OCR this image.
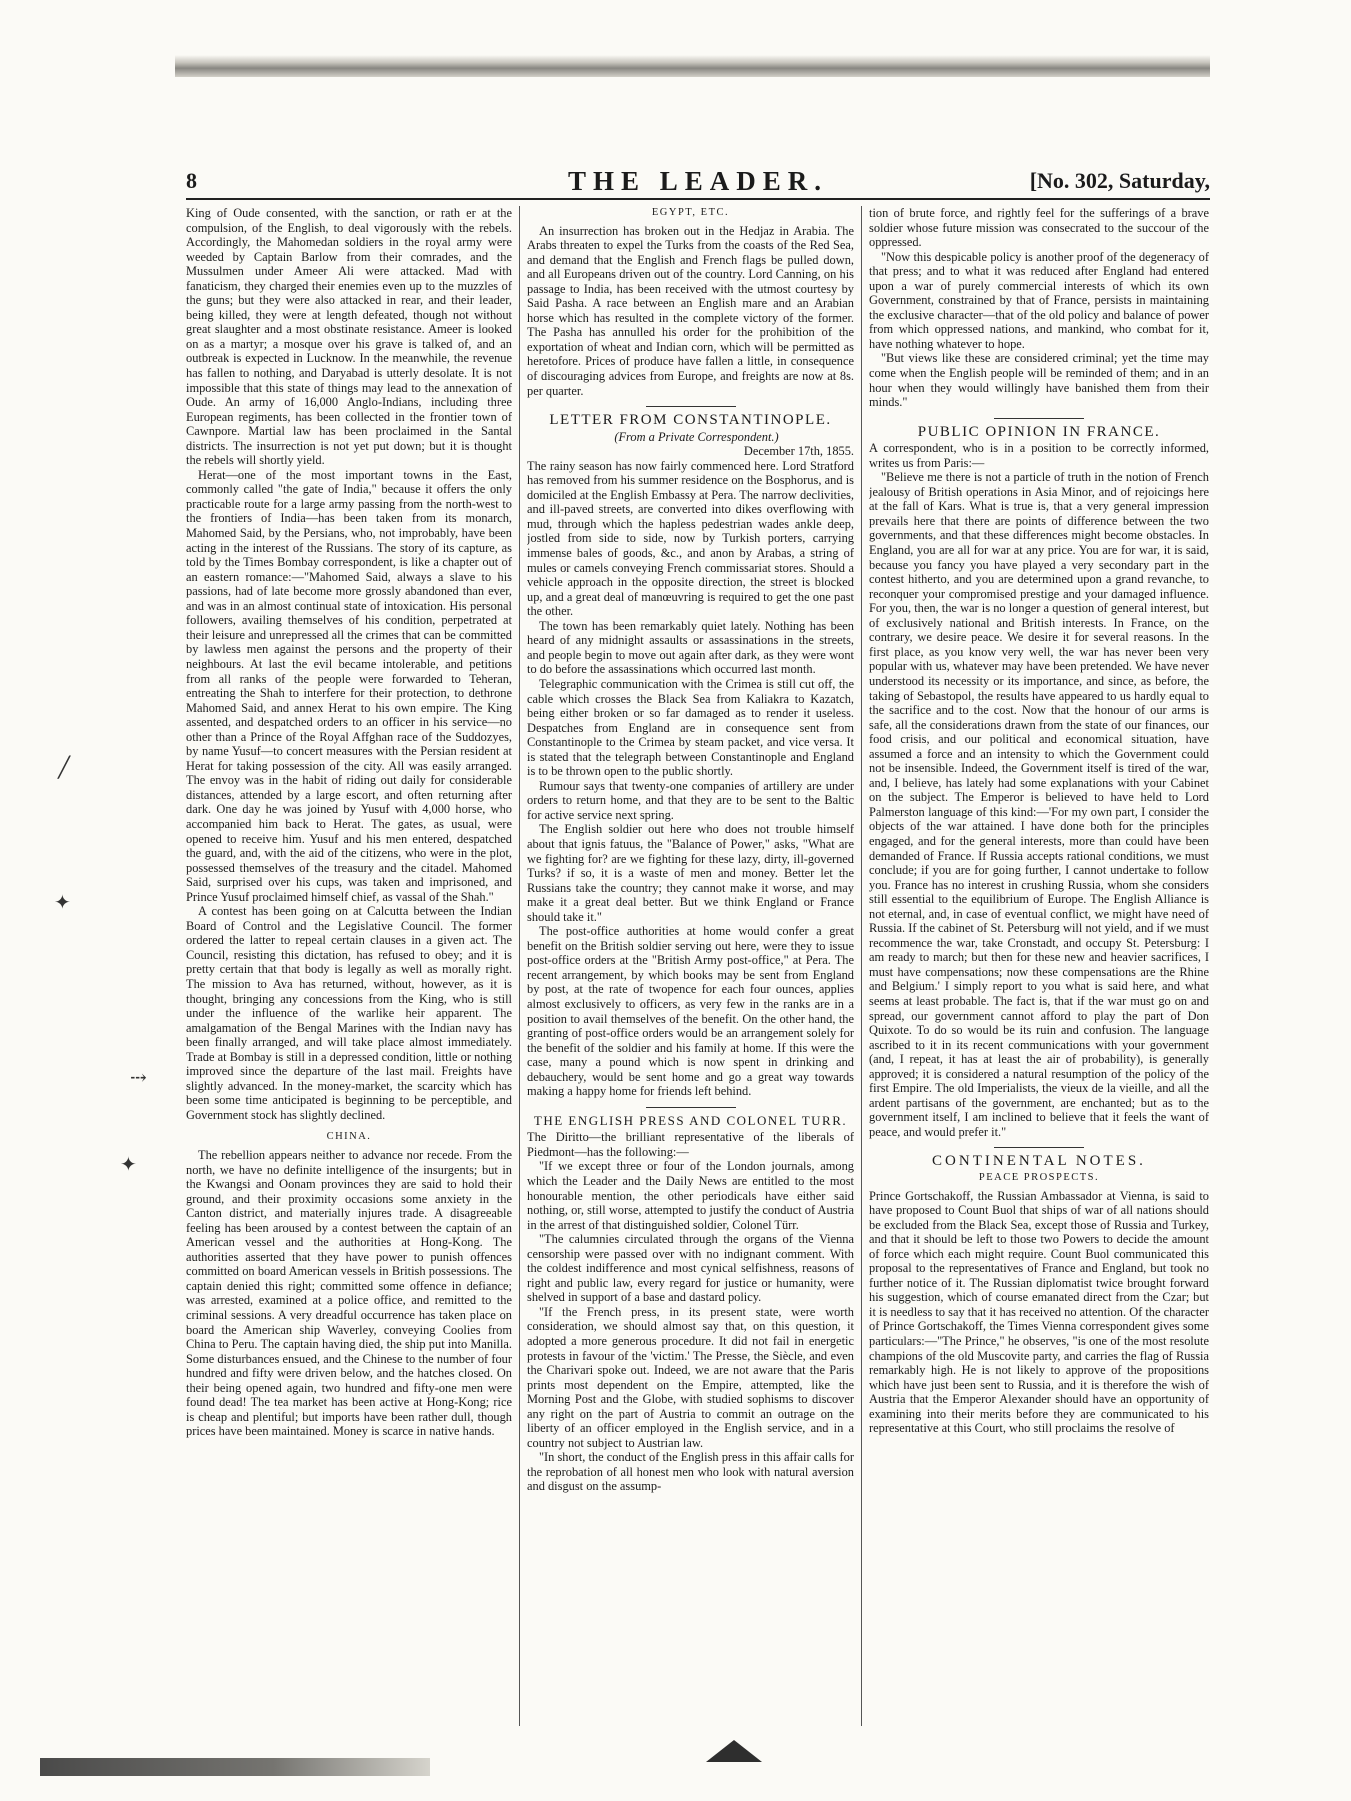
8	THE LEADER.	[No. 302, Saturday,

King of Oude consented, with the sanction, or rath er at the compulsion, of the English, to deal vigorously with the rebels. Accordingly, the Mahomedan soldiers in the royal army were weeded by Captain Barlow from their comrades, and the Mussulmen under Ameer Ali were attacked. Mad with fanaticism, they charged their enemies even up to the muzzles of the guns; but they were also attacked in rear, and their leader, being killed, they were at length defeated, though not without great slaughter and a most obstinate resistance. Ameer is looked on as a martyr; a mosque over his grave is talked of, and an outbreak is expected in Lucknow. In the meanwhile, the revenue has fallen to nothing, and Daryabad is utterly desolate. It is not impossible that this state of things may lead to the annexation of Oude. An army of 16,000 Anglo-Indians, including three European regiments, has been collected in the frontier town of Cawnpore. Martial law has been proclaimed in the Santal districts. The insurrection is not yet put down; but it is thought the rebels will shortly yield.

Herat—one of the most important towns in the East, commonly called "the gate of India," because it offers the only practicable route for a large army passing from the north-west to the frontiers of India—has been taken from its monarch, Mahomed Said, by the Persians, who, not improbably, have been acting in the interest of the Russians. The story of its capture, as told by the Times Bombay correspondent, is like a chapter out of an eastern romance:—"Mahomed Said, always a slave to his passions, had of late become more grossly abandoned than ever, and was in an almost continual state of intoxication. His personal followers, availing themselves of his condition, perpetrated at their leisure and unrepressed all the crimes that can be committed by lawless men against the persons and the property of their neighbours. At last the evil became intolerable, and petitions from all ranks of the people were forwarded to Teheran, entreating the Shah to interfere for their protection, to dethrone Mahomed Said, and annex Herat to his own empire. The King assented, and despatched orders to an officer in his service—no other than a Prince of the Royal Affghan race of the Suddozyes, by name Yusuf—to concert measures with the Persian resident at Herat for taking possession of the city. All was easily arranged. The envoy was in the habit of riding out daily for considerable distances, attended by a large escort, and often returning after dark. One day he was joined by Yusuf with 4,000 horse, who accompanied him back to Herat. The gates, as usual, were opened to receive him. Yusuf and his men entered, despatched the guard, and, with the aid of the citizens, who were in the plot, possessed themselves of the treasury and the citadel. Mahomed Said, surprised over his cups, was taken and imprisoned, and Prince Yusuf proclaimed himself chief, as vassal of the Shah."

A contest has been going on at Calcutta between the Indian Board of Control and the Legislative Council. The former ordered the latter to repeal certain clauses in a given act. The Council, resisting this dictation, has refused to obey; and it is pretty certain that that body is legally as well as morally right. The mission to Ava has returned, without, however, as it is thought, bringing any concessions from the King, who is still under the influence of the warlike heir apparent. The amalgamation of the Bengal Marines with the Indian navy has been finally arranged, and will take place almost immediately. Trade at Bombay is still in a depressed condition, little or nothing improved since the departure of the last mail. Freights have slightly advanced. In the money-market, the scarcity which has been some time anticipated is beginning to be perceptible, and Government stock has slightly declined.

CHINA.

The rebellion appears neither to advance nor recede. From the north, we have no definite intelligence of the insurgents; but in the Kwangsi and Oonam provinces they are said to hold their ground, and their proximity occasions some anxiety in the Canton district, and materially injures trade. A disagreeable feeling has been aroused by a contest between the captain of an American vessel and the authorities at Hong-Kong. The authorities asserted that they have power to punish offences committed on board American vessels in British possessions. The captain denied this right; committed some offence in defiance; was arrested, examined at a police office, and remitted to the criminal sessions. A very dreadful occurrence has taken place on board the American ship Waverley, conveying Coolies from China to Peru. The captain having died, the ship put into Manilla. Some disturbances ensued, and the Chinese to the number of four hundred and fifty were driven below, and the hatches closed. On their being opened again, two hundred and fifty-one men were found dead! The tea market has been active at Hong-Kong; rice is cheap and plentiful; but imports have been rather dull, though prices have been maintained. Money is scarce in native hands.

EGYPT, ETC.

An insurrection has broken out in the Hedjaz in Arabia. The Arabs threaten to expel the Turks from the coasts of the Red Sea, and demand that the English and French flags be pulled down, and all Europeans driven out of the country. Lord Canning, on his passage to India, has been received with the utmost courtesy by Said Pasha. A race between an English mare and an Arabian horse which has resulted in the complete victory of the former. The Pasha has annulled his order for the prohibition of the exportation of wheat and Indian corn, which will be permitted as heretofore. Prices of produce have fallen a little, in consequence of discouraging advices from Europe, and freights are now at 8s. per quarter.

LETTER FROM CONSTANTINOPLE.

(From a Private Correspondent.)

December 17th, 1855.

The rainy season has now fairly commenced here. Lord Stratford has removed from his summer residence on the Bosphorus, and is domiciled at the English Embassy at Pera. The narrow declivities, and ill-paved streets, are converted into dikes overflowing with mud, through which the hapless pedestrian wades ankle deep, jostled from side to side, now by Turkish porters, carrying immense bales of goods, &c., and anon by Arabas, a string of mules or camels conveying French commissariat stores. Should a vehicle approach in the opposite direction, the street is blocked up, and a great deal of manœuvring is required to get the one past the other.

The town has been remarkably quiet lately. Nothing has been heard of any midnight assaults or assassinations in the streets, and people begin to move out again after dark, as they were wont to do before the assassinations which occurred last month.

Telegraphic communication with the Crimea is still cut off, the cable which crosses the Black Sea from Kaliakra to Kazatch, being either broken or so far damaged as to render it useless. Despatches from England are in consequence sent from Constantinople to the Crimea by steam packet, and vice versa. It is stated that the telegraph between Constantinople and England is to be thrown open to the public shortly.

Rumour says that twenty-one companies of artillery are under orders to return home, and that they are to be sent to the Baltic for active service next spring.

The English soldier out here who does not trouble himself about that ignis fatuus, the "Balance of Power," asks, "What are we fighting for? are we fighting for these lazy, dirty, ill-governed Turks? if so, it is a waste of men and money. Better let the Russians take the country; they cannot make it worse, and may make it a great deal better. But we think England or France should take it."

The post-office authorities at home would confer a great benefit on the British soldier serving out here, were they to issue post-office orders at the "British Army post-office," at Pera. The recent arrangement, by which books may be sent from England by post, at the rate of twopence for each four ounces, applies almost exclusively to officers, as very few in the ranks are in a position to avail themselves of the benefit. On the other hand, the granting of post-office orders would be an arrangement solely for the benefit of the soldier and his family at home. If this were the case, many a pound which is now spent in drinking and debauchery, would be sent home and go a great way towards making a happy home for friends left behind.

THE ENGLISH PRESS AND COLONEL TURR.

The Diritto—the brilliant representative of the liberals of Piedmont—has the following:—

"If we except three or four of the London journals, among which the Leader and the Daily News are entitled to the most honourable mention, the other periodicals have either said nothing, or, still worse, attempted to justify the conduct of Austria in the arrest of that distinguished soldier, Colonel Türr.

"The calumnies circulated through the organs of the Vienna censorship were passed over with no indignant comment. With the coldest indifference and most cynical selfishness, reasons of right and public law, every regard for justice or humanity, were shelved in support of a base and dastard policy.

"If the French press, in its present state, were worth consideration, we should almost say that, on this question, it adopted a more generous procedure. It did not fail in energetic protests in favour of the 'victim.' The Presse, the Siècle, and even the Charivari spoke out. Indeed, we are not aware that the Paris prints most dependent on the Empire, attempted, like the Morning Post and the Globe, with studied sophisms to discover any right on the part of Austria to commit an outrage on the liberty of an officer employed in the English service, and in a country not subject to Austrian law.

"In short, the conduct of the English press in this affair calls for the reprobation of all honest men who look with natural aversion and disgust on the assump-

tion of brute force, and rightly feel for the sufferings of a brave soldier whose future mission was consecrated to the succour of the oppressed.

"Now this despicable policy is another proof of the degeneracy of that press; and to what it was reduced after England had entered upon a war of purely commercial interests of which its own Government, constrained by that of France, persists in maintaining the exclusive character—that of the old policy and balance of power from which oppressed nations, and mankind, who combat for it, have nothing whatever to hope.

"But views like these are considered criminal; yet the time may come when the English people will be reminded of them; and in an hour when they would willingly have banished them from their minds."

PUBLIC OPINION IN FRANCE.

A correspondent, who is in a position to be correctly informed, writes us from Paris:—

"Believe me there is not a particle of truth in the notion of French jealousy of British operations in Asia Minor, and of rejoicings here at the fall of Kars. What is true is, that a very general impression prevails here that there are points of difference between the two governments, and that these differences might become obstacles. In England, you are all for war at any price. You are for war, it is said, because you fancy you have played a very secondary part in the contest hitherto, and you are determined upon a grand revanche, to reconquer your compromised prestige and your damaged influence. For you, then, the war is no longer a question of general interest, but of exclusively national and British interests. In France, on the contrary, we desire peace. We desire it for several reasons. In the first place, as you know very well, the war has never been very popular with us, whatever may have been pretended. We have never understood its necessity or its importance, and since, as before, the taking of Sebastopol, the results have appeared to us hardly equal to the sacrifice and to the cost. Now that the honour of our arms is safe, all the considerations drawn from the state of our finances, our food crisis, and our political and economical situation, have assumed a force and an intensity to which the Government could not be insensible. Indeed, the Government itself is tired of the war, and, I believe, has lately had some explanations with your Cabinet on the subject. The Emperor is believed to have held to Lord Palmerston language of this kind:—'For my own part, I consider the objects of the war attained. I have done both for the principles engaged, and for the general interests, more than could have been demanded of France. If Russia accepts rational conditions, we must conclude; if you are for going further, I cannot undertake to follow you. France has no interest in crushing Russia, whom she considers still essential to the equilibrium of Europe. The English Alliance is not eternal, and, in case of eventual conflict, we might have need of Russia. If the cabinet of St. Petersburg will not yield, and if we must recommence the war, take Cronstadt, and occupy St. Petersburg: I am ready to march; but then for these new and heavier sacrifices, I must have compensations; now these compensations are the Rhine and Belgium.' I simply report to you what is said here, and what seems at least probable. The fact is, that if the war must go on and spread, our government cannot afford to play the part of Don Quixote. To do so would be its ruin and confusion. The language ascribed to it in its recent communications with your government (and, I repeat, it has at least the air of probability), is generally approved; it is considered a natural resumption of the policy of the first Empire. The old Imperialists, the vieux de la vieille, and all the ardent partisans of the government, are enchanted; but as to the government itself, I am inclined to believe that it feels the want of peace, and would prefer it."

CONTINENTAL NOTES.
PEACE PROSPECTS.

Prince Gortschakoff, the Russian Ambassador at Vienna, is said to have proposed to Count Buol that ships of war of all nations should be excluded from the Black Sea, except those of Russia and Turkey, and that it should be left to those two Powers to decide the amount of force which each might require. Count Buol communicated this proposal to the representatives of France and England, but took no further notice of it. The Russian diplomatist twice brought forward his suggestion, which of course emanated direct from the Czar; but it is needless to say that it has received no attention. Of the character of Prince Gortschakoff, the Times Vienna correspondent gives some particulars:—"The Prince," he observes, "is one of the most resolute champions of the old Muscovite party, and carries the flag of Russia remarkably high. He is not likely to approve of the propositions which have just been sent to Russia, and it is therefore the wish of Austria that the Emperor Alexander should have an opportunity of examining into their merits before they are communicated to his representative at this Court, who still proclaims the resolve of

╱
✦
⤏
✦
